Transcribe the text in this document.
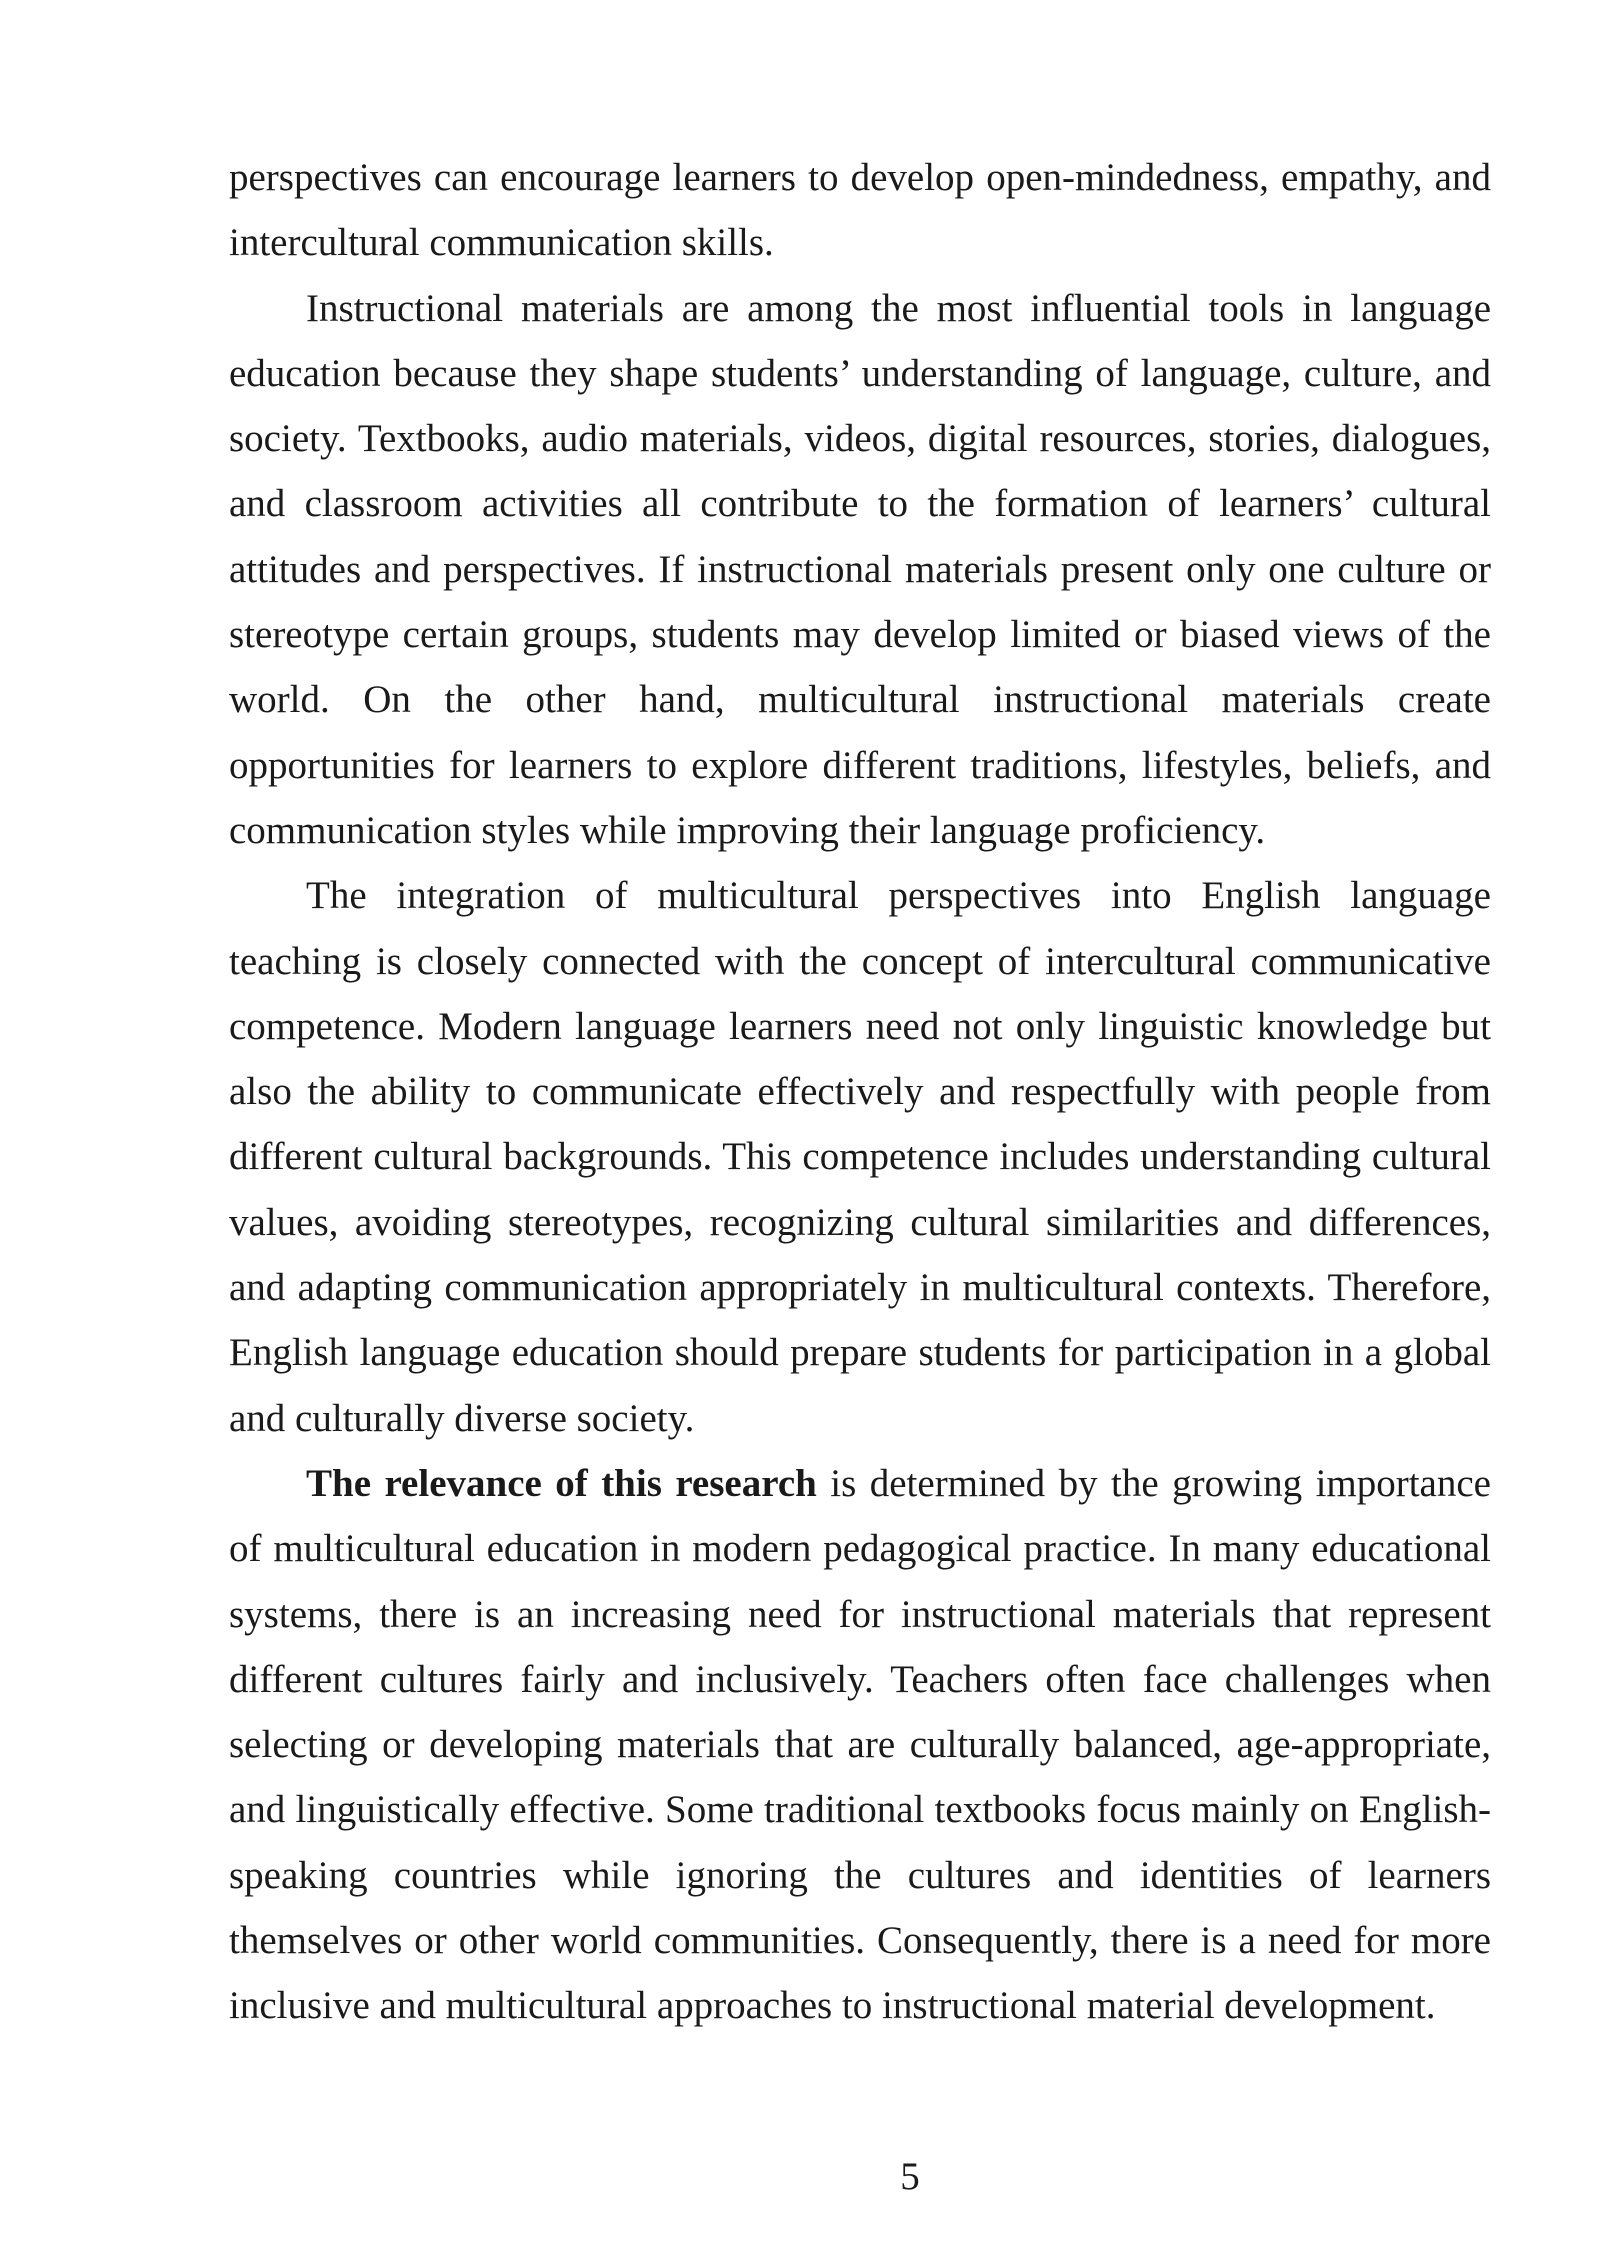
perspectives can encourage learners to develop open-mindedness, empathy, and intercultural communication skills.

Instructional materials are among the most influential tools in language education because they shape students’ understanding of language, culture, and society. Textbooks, audio materials, videos, digital resources, stories, dialogues, and classroom activities all contribute to the formation of learners’ cultural attitudes and perspectives. If instructional materials present only one culture or stereotype certain groups, students may develop limited or biased views of the world. On the other hand, multicultural instructional materials create opportunities for learners to explore different traditions, lifestyles, beliefs, and communication styles while improving their language proficiency.

The integration of multicultural perspectives into English language teaching is closely connected with the concept of intercultural communicative competence. Modern language learners need not only linguistic knowledge but also the ability to communicate effectively and respectfully with people from different cultural backgrounds. This competence includes understanding cultural values, avoiding stereotypes, recognizing cultural similarities and differences, and adapting communication appropriately in multicultural contexts. Therefore, English language education should prepare students for participation in a global and culturally diverse society.

The relevance of this research is determined by the growing importance of multicultural education in modern pedagogical practice. In many educational systems, there is an increasing need for instructional materials that represent different cultures fairly and inclusively. Teachers often face challenges when selecting or developing materials that are culturally balanced, age-appropriate, and linguistically effective. Some traditional textbooks focus mainly on English-speaking countries while ignoring the cultures and identities of learners themselves or other world communities. Consequently, there is a need for more inclusive and multicultural approaches to instructional material development.

5
